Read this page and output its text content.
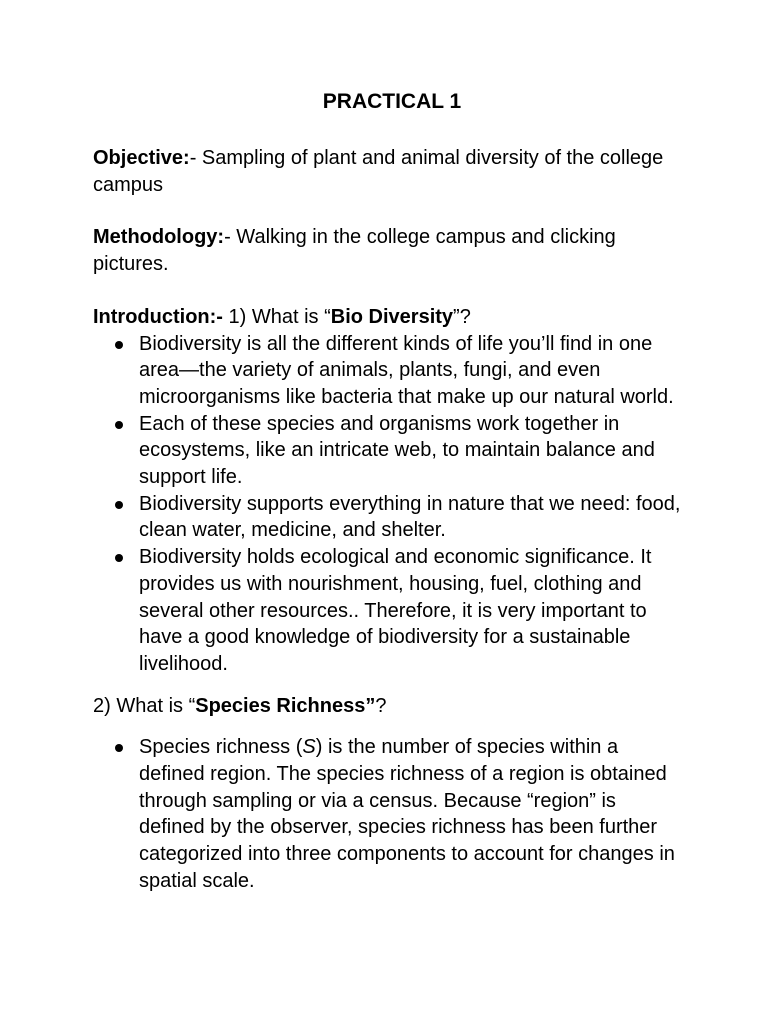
PRACTICAL 1
Objective:- Sampling of plant and animal diversity of the college campus
Methodology:- Walking in the college campus and clicking pictures.
Introduction:- 1) What is “Bio Diversity”?
Biodiversity is all the different kinds of life you’ll find in one area—the variety of animals, plants, fungi, and even microorganisms like bacteria that make up our natural world.
Each of these species and organisms work together in ecosystems, like an intricate web, to maintain balance and support life.
Biodiversity supports everything in nature that we need: food, clean water, medicine, and shelter.
Biodiversity holds ecological and economic significance. It provides us with nourishment, housing, fuel, clothing and several other resources.. Therefore, it is very important to have a good knowledge of biodiversity for a sustainable livelihood.
2) What is “Species Richness”?
Species richness (S) is the number of species within a defined region. The species richness of a region is obtained through sampling or via a census. Because “region” is defined by the observer, species richness has been further categorized into three components to account for changes in spatial scale.
